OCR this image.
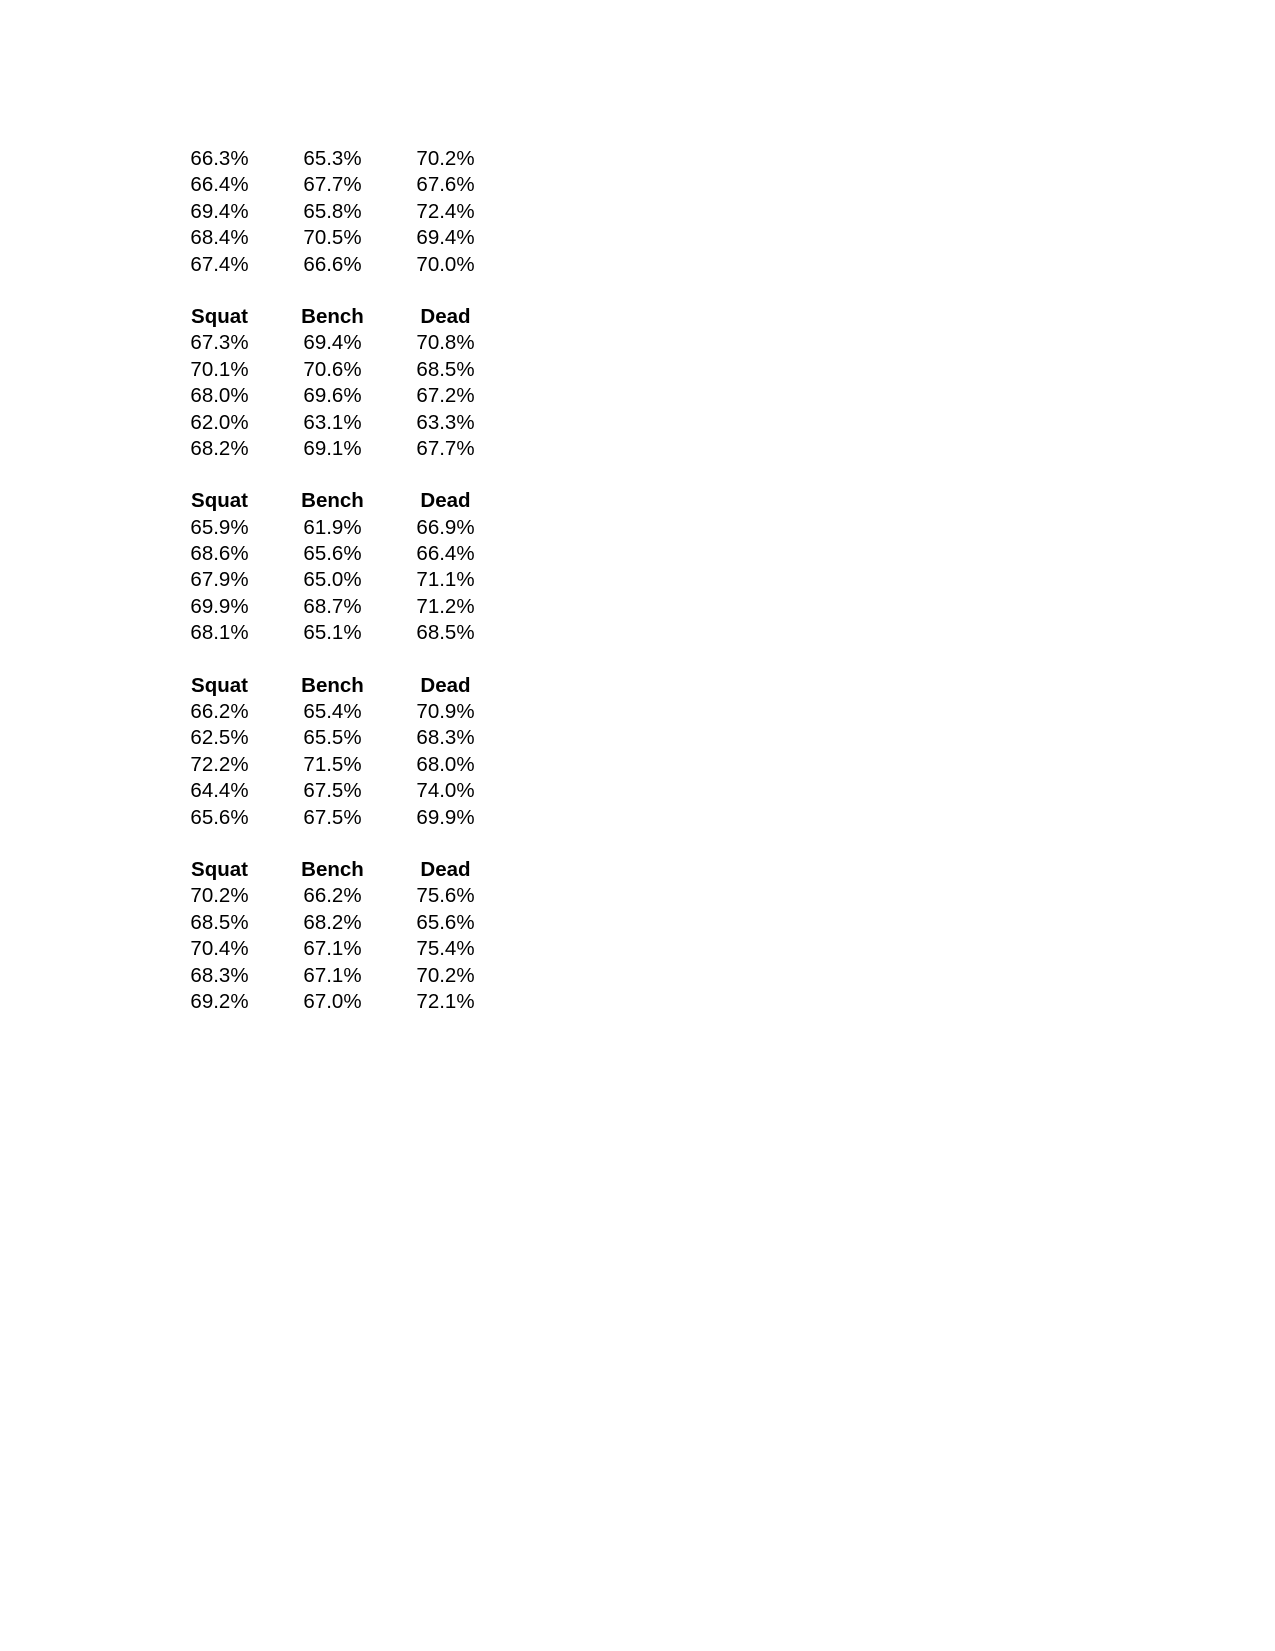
66.3%	65.3%	70.2%
66.4%	67.7%	67.6%
69.4%	65.8%	72.4%
68.4%	70.5%	69.4%
67.4%	66.6%	70.0%
Squat	Bench	Dead
67.3%	69.4%	70.8%
70.1%	70.6%	68.5%
68.0%	69.6%	67.2%
62.0%	63.1%	63.3%
68.2%	69.1%	67.7%
Squat	Bench	Dead
65.9%	61.9%	66.9%
68.6%	65.6%	66.4%
67.9%	65.0%	71.1%
69.9%	68.7%	71.2%
68.1%	65.1%	68.5%
Squat	Bench	Dead
66.2%	65.4%	70.9%
62.5%	65.5%	68.3%
72.2%	71.5%	68.0%
64.4%	67.5%	74.0%
65.6%	67.5%	69.9%
Squat	Bench	Dead
70.2%	66.2%	75.6%
68.5%	68.2%	65.6%
70.4%	67.1%	75.4%
68.3%	67.1%	70.2%
69.2%	67.0%	72.1%
